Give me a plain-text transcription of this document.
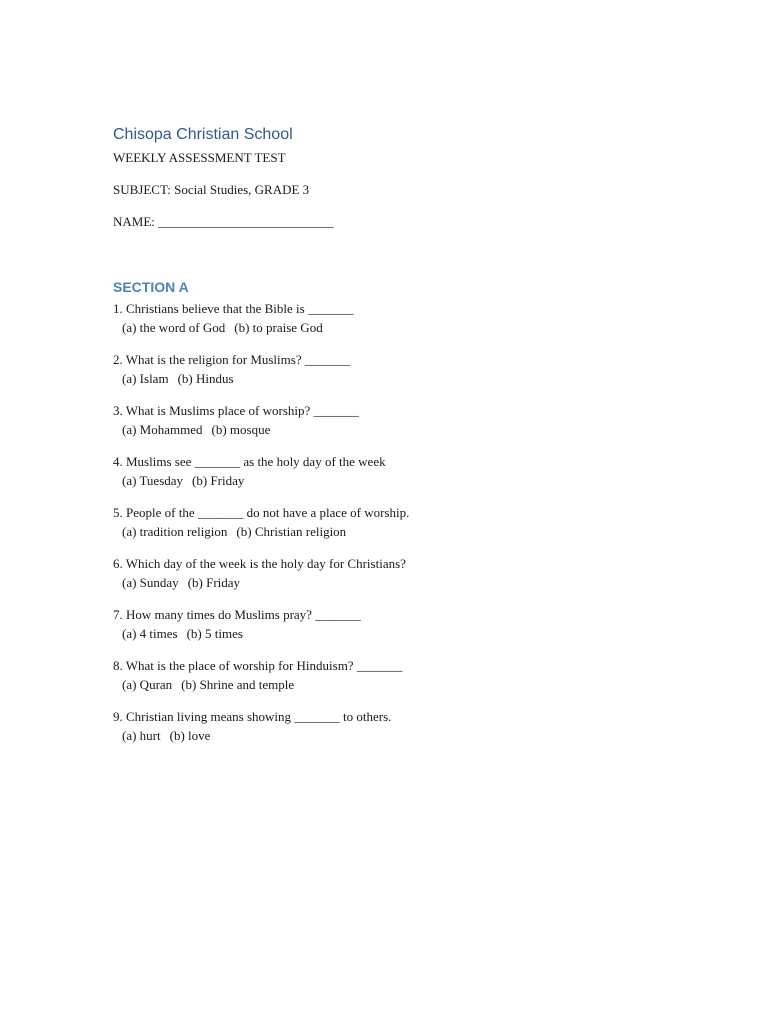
Chisopa Christian School
WEEKLY ASSESSMENT TEST
SUBJECT: Social Studies, GRADE 3
NAME: ___________________________
SECTION A
1. Christians believe that the Bible is _______
(a) the word of God (b) to praise God
2. What is the religion for Muslims? _______
(a) Islam (b) Hindus
3. What is Muslims place of worship? _______
(a) Mohammed (b) mosque
4. Muslims see _______ as the holy day of the week
(a) Tuesday (b) Friday
5. People of the _______ do not have a place of worship.
(a) tradition religion (b) Christian religion
6. Which day of the week is the holy day for Christians?
(a) Sunday (b) Friday
7. How many times do Muslims pray? _______
(a) 4 times (b) 5 times
8. What is the place of worship for Hinduism? _______
(a) Quran (b) Shrine and temple
9. Christian living means showing _______ to others.
(a) hurt (b) love
